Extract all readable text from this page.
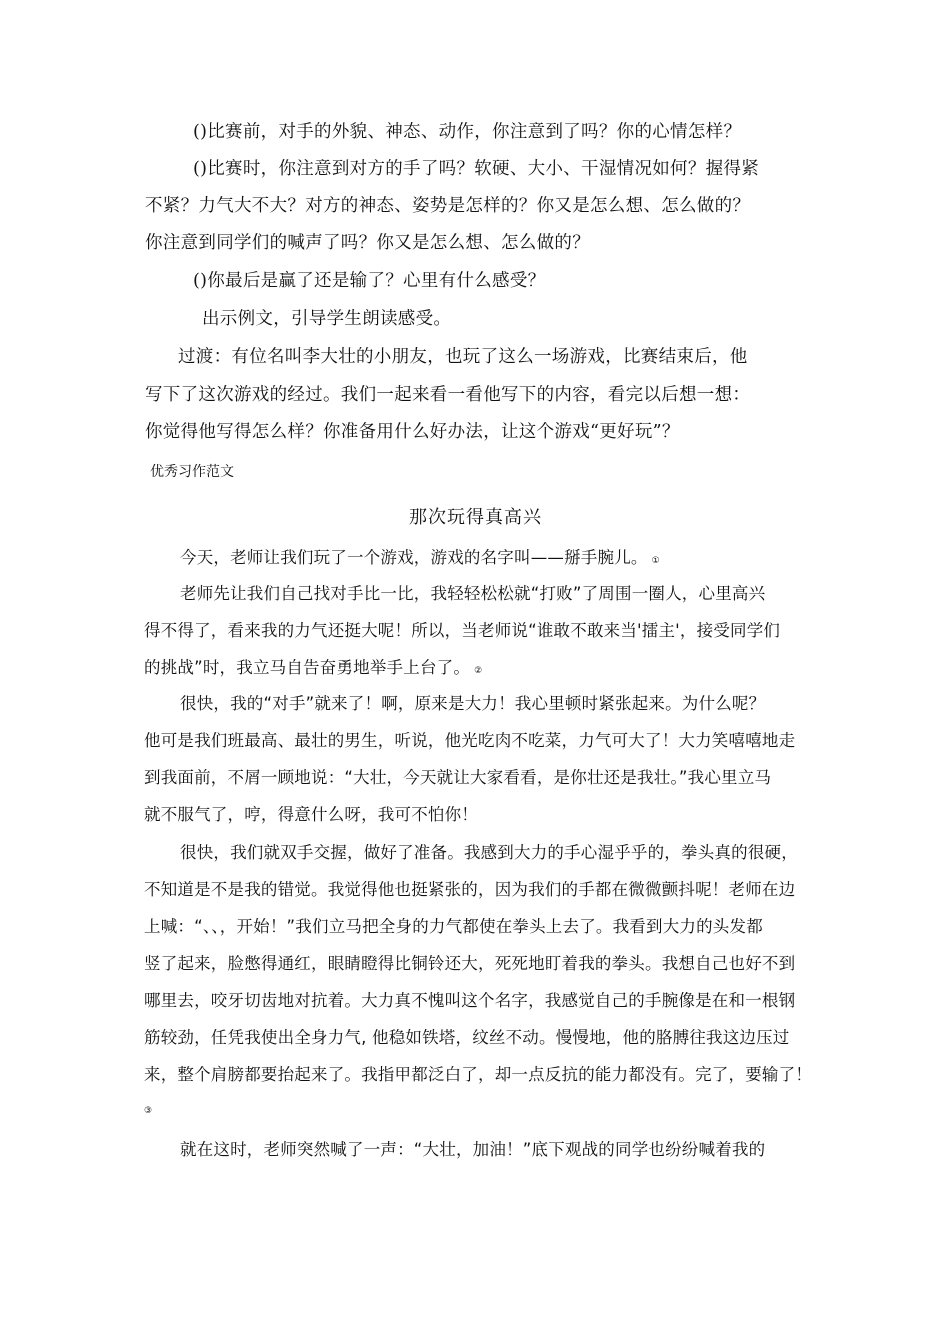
()比赛前，对手的外貌、神态、动作，你注意到了吗？你的心情怎样？
()比赛时，你注意到对方的手了吗？软硬、大小、干湿情况如何？握得紧
不紧？力气大不大？对方的神态、姿势是怎样的？你又是怎么想、怎么做的？
你注意到同学们的喊声了吗？你又是怎么想、怎么做的？
()你最后是赢了还是输了？心里有什么感受？
出示例文，引导学生朗读感受。
过渡：有位名叫李大壮的小朋友，也玩了这么一场游戏，比赛结束后，他
写下了这次游戏的经过。我们一起来看一看他写下的内容，看完以后想一想：
你觉得他写得怎么样？你准备用什么好办法，让这个游戏“更好玩”？
优秀习作范文
那次玩得真高兴
今天，老师让我们玩了一个游戏，游戏的名字叫——掰手腕儿。 ①
老师先让我们自己找对手比一比，我轻轻松松就“打败”了周围一圈人，心里高兴
得不得了，看来我的力气还挺大呢！所以，当老师说“谁敢不敢来当'擂主'，接受同学们
的挑战”时，我立马自告奋勇地举手上台了。 ②
很快，我的“对手”就来了！啊，原来是大力！我心里顿时紧张起来。为什么呢？
他可是我们班最高、最壮的男生，听说，他光吃肉不吃菜，力气可大了！大力笑嘻嘻地走
到我面前，不屑一顾地说：“大壮，今天就让大家看看，是你壮还是我壮。”我心里立马
就不服气了，哼，得意什么呀，我可不怕你！
很快，我们就双手交握，做好了准备。我感到大力的手心湿乎乎的，拳头真的很硬，
不知道是不是我的错觉。我觉得他也挺紧张的，因为我们的手都在微微颤抖呢！老师在边
上喊：“、、，开始！”我们立马把全身的力气都使在拳头上去了。我看到大力的头发都
竖了起来，脸憋得通红，眼睛瞪得比铜铃还大，死死地盯着我的拳头。我想自己也好不到
哪里去，咬牙切齿地对抗着。大力真不愧叫这个名字，我感觉自己的手腕像是在和一根钢
筋较劲，任凭我使出全身力气, 他稳如铁塔，纹丝不动。慢慢地，他的胳膊往我这边压过
来，整个肩膀都要抬起来了。我指甲都泛白了，却一点反抗的能力都没有。完了，要输了！
③
就在这时，老师突然喊了一声：“大壮，加油！”底下观战的同学也纷纷喊着我的
